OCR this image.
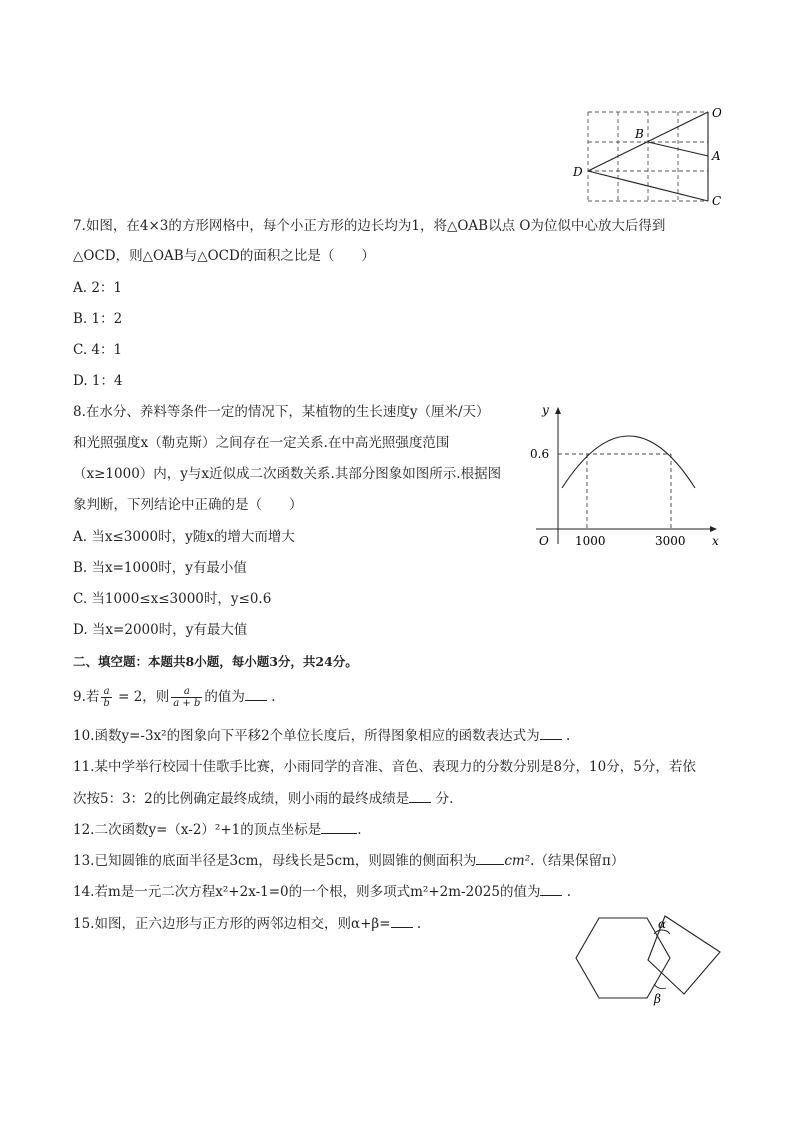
O
B
A
D
C
7.如图，在4×3的方形网格中，每个小正方形的边长均为1，将△OAB以点 O为位似中心放大后得到
△OCD，则△OAB与△OCD的面积之比是（　　）
A. 2：1
B. 1：2
C. 4：1
D. 1：4
8.在水分、养料等条件一定的情况下，某植物的生长速度y（厘米/天）
和光照强度x（勒克斯）之间存在一定关系.在中高光照强度范围
（x≥1000）内，y与x近似成二次函数关系.其部分图象如图所示.根据图
象判断，下列结论中正确的是（　　）
A. 当x≤3000时，y随x的增大而增大
B. 当x=1000时，y有最小值
C. 当1000≤x≤3000时，y≤0.6
D. 当x=2000时，y有最大值
y
x
O
0.6
1000	3000
二、填空题：本题共8小题，每小题3分，共24分。
9.若 $\frac{a}{b} = 2$，则 $\frac{a}{a + b}$ 的值为 .
10.函数y=-3x²的图象向下平移2个单位长度后，所得图象相应的函数表达式为 .
11.某中学举行校园十佳歌手比赛，小雨同学的音准、音色、表现力的分数分别是8分，10分，5分，若依
次按5：3：2的比例确定最终成绩，则小雨的最终成绩是 分.
12.二次函数y=（x-2）²+1的顶点坐标是	.
13.已知圆锥的底面半径是3cm，母线长是5cm，则圆锥的侧面积为 cm².（结果保留π）
14.若m是一元二次方程x²+2x-1=0的一个根，则多项式m²+2m-2025的值为 .
15.如图，正六边形与正方形的两邻边相交，则α+β= .	α
β
